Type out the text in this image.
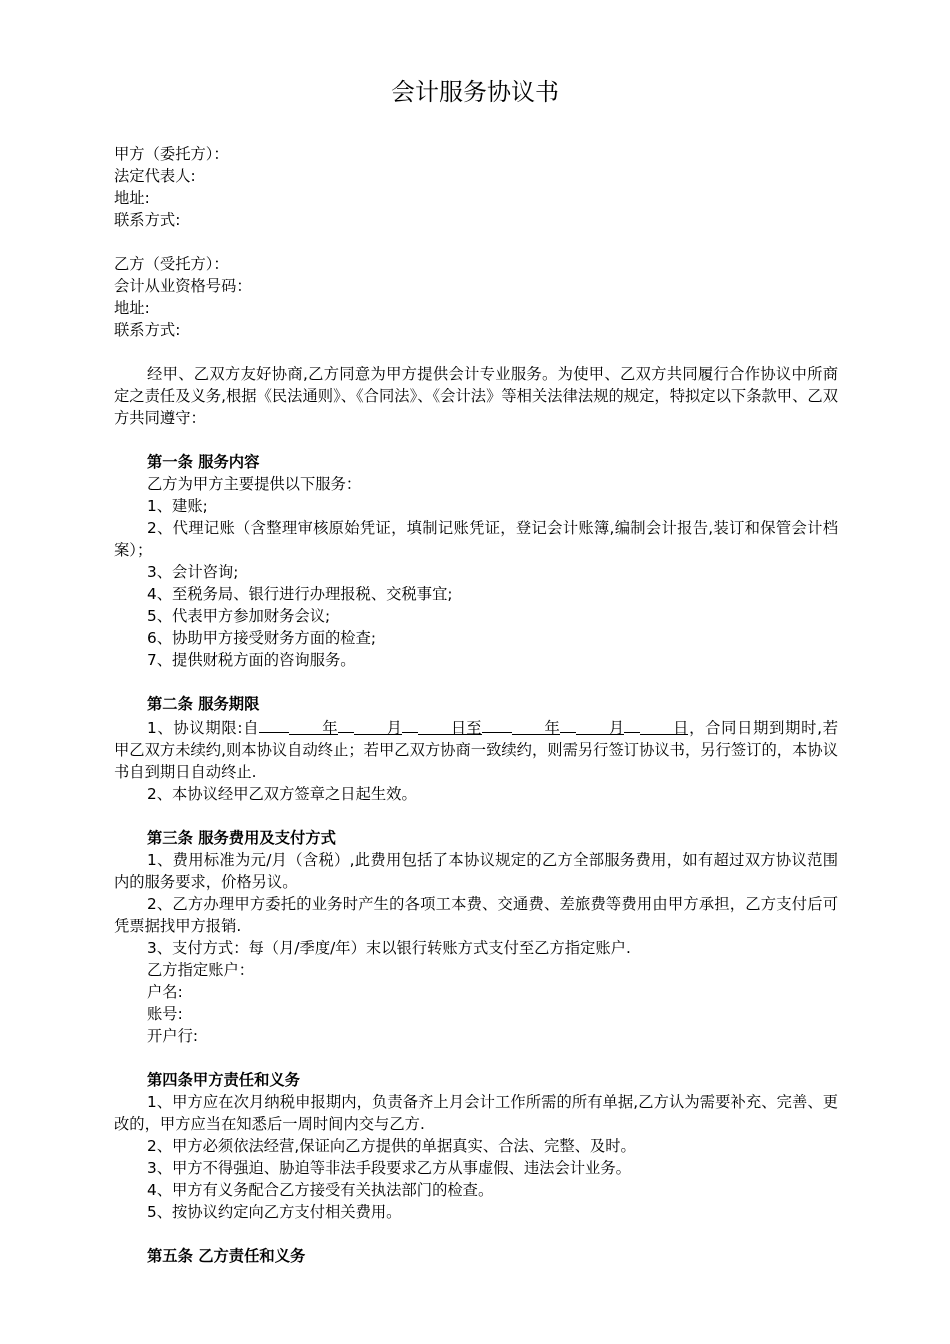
会计服务协议书
甲方（委托方）：
法定代表人:
地址:
联系方式:
乙方（受托方）：
会计从业资格号码：
地址:
联系方式:
经甲、乙双方友好协商,乙方同意为甲方提供会计专业服务。为使甲、乙双方共同履行合作协议中所商定之责任及义务,根据《民法通则》、《合同法》、《会计法》等相关法律法规的规定，特拟定以下条款甲、乙双方共同遵守：
第一条 服务内容
乙方为甲方主要提供以下服务：
1、建账;
2、代理记账（含整理审核原始凭证，填制记账凭证，登记会计账簿,编制会计报告,装订和保管会计档案）；
3、会计咨询;
4、至税务局、银行进行办理报税、交税事宜;
5、代表甲方参加财务会议;
6、协助甲方接受财务方面的检查;
7、提供财税方面的咨询服务。
第二条 服务期限
1、协议期限:自	年	月	日至	年	月	日，合同日期到期时,若甲乙双方未续约,则本协议自动终止；若甲乙双方协商一致续约，则需另行签订协议书，另行签订的，本协议书自到期日自动终止.
2、本协议经甲乙双方签章之日起生效。
第三条 服务费用及支付方式
1、费用标准为元/月（含税）,此费用包括了本协议规定的乙方全部服务费用，如有超过双方协议范围内的服务要求，价格另议。
2、乙方办理甲方委托的业务时产生的各项工本费、交通费、差旅费等费用由甲方承担，乙方支付后可凭票据找甲方报销.
3、支付方式：每（月/季度/年）末以银行转账方式支付至乙方指定账户.
乙方指定账户：
户名:
账号:
开户行:
第四条甲方责任和义务
1、甲方应在次月纳税申报期内，负责备齐上月会计工作所需的所有单据,乙方认为需要补充、完善、更改的，甲方应当在知悉后一周时间内交与乙方.
2、甲方必须依法经营,保证向乙方提供的单据真实、合法、完整、及时。
3、甲方不得强迫、胁迫等非法手段要求乙方从事虚假、违法会计业务。
4、甲方有义务配合乙方接受有关执法部门的检查。
5、按协议约定向乙方支付相关费用。
第五条 乙方责任和义务
